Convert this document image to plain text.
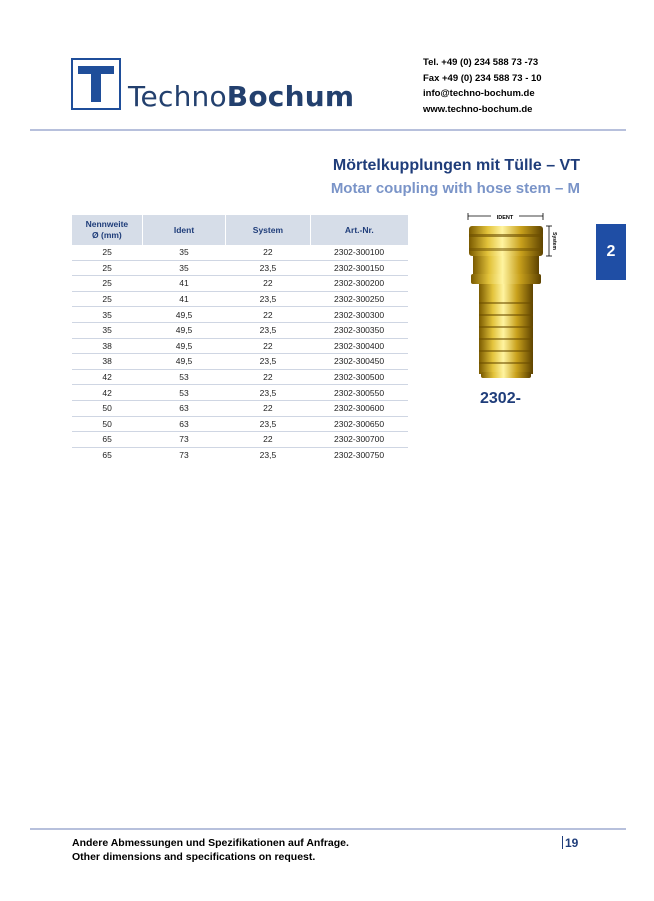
TechnoBochum
Tel. +49 (0) 234 588 73 -73
Fax +49 (0) 234 588 73 - 10
info@techno-bochum.de
www.techno-bochum.de
Mörtelkupplungen mit Tülle – VT
Motar coupling with hose stem – M
2
Nennweite
Ø (mm)	Ident	System	Art.-Nr.
25	35	22	2302-300100
25	35	23,5	2302-300150
25	41	22	2302-300200
25	41	23,5	2302-300250
35	49,5	22	2302-300300
35	49,5	23,5	2302-300350
38	49,5	22	2302-300400
38	49,5	23,5	2302-300450
42	53	22	2302-300500
42	53	23,5	2302-300550
50	63	22	2302-300600
50	63	23,5	2302-300650
65	73	22	2302-300700
65	73	23,5	2302-300750
IDENT
System
2302-
Andere Abmessungen und Spezifikationen auf Anfrage.
Other dimensions and specifications on request.
19
